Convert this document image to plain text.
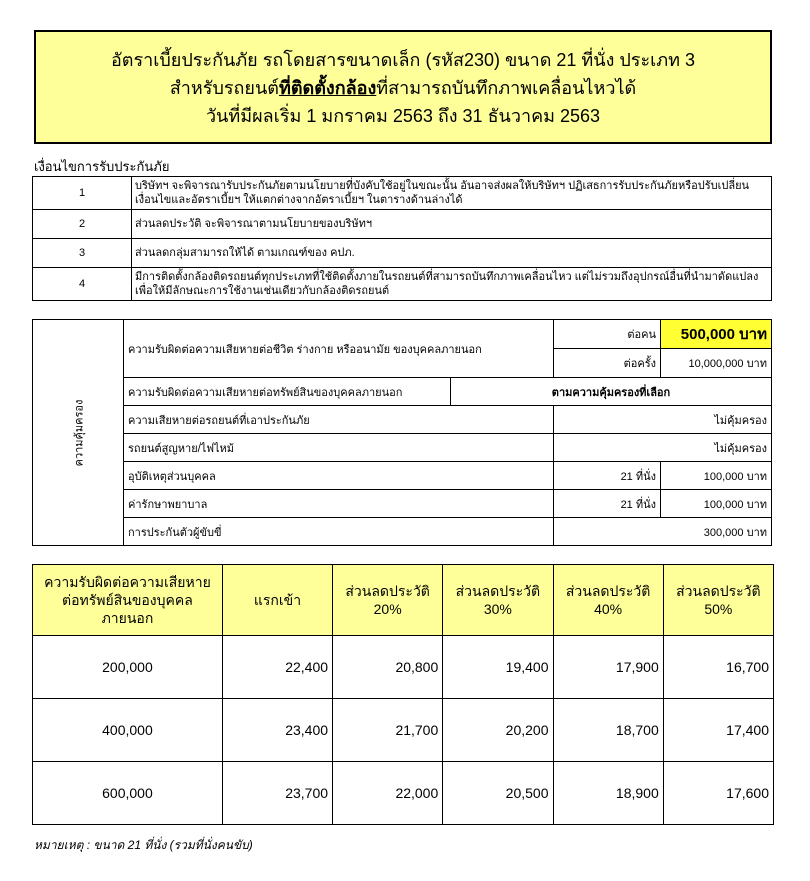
อัตราเบี้ยประกันภัย รถโดยสารขนาดเล็ก (รหัส230) ขนาด 21 ที่นั่ง ประเภท 3
สำหรับรถยนต์ที่ติดตั้งกล้องที่สามารถบันทึกภาพเคลื่อนไหวได้
วันที่มีผลเริ่ม 1 มกราคม 2563 ถึง 31 ธันวาคม 2563
เงื่อนไขการรับประกันภัย
1	บริษัทฯ จะพิจารณารับประกันภัยตามนโยบายที่บังคับใช้อยู่ในขณะนั้น อันอาจส่งผลให้บริษัทฯ ปฏิเสธการรับประกันภัยหรือปรับเปลี่ยนเงื่อนไขและอัตราเบี้ยฯ ให้แตกต่างจากอัตราเบี้ยฯ ในตารางด้านล่างได้
2	ส่วนลดประวัติ จะพิจารณาตามนโยบายของบริษัทฯ
3	ส่วนลดกลุ่มสามารถให้ได้ ตามเกณฑ์ของ คปภ.
4	มีการติดตั้งกล้องติดรถยนต์ทุกประเภทที่ใช้ติดตั้งภายในรถยนต์ที่สามารถบันทึกภาพเคลื่อนไหว แต่ไม่รวมถึงอุปกรณ์อื่นที่นำมาดัดแปลงเพื่อให้มีลักษณะการใช้งานเช่นเดียวกับกล้องติดรถยนต์
ความคุ้มครอง	ความรับผิดต่อความเสียหายต่อชีวิต ร่างกาย หรืออนามัย ของบุคคลภายนอก		ต่อคน	500,000 บาท
			ต่อครั้ง	10,000,000 บาท
	ความรับผิดต่อความเสียหายต่อทรัพย์สินของบุคคลภายนอก	ตามความคุ้มครองที่เลือก		
	ความเสียหายต่อรถยนต์ที่เอาประกันภัย		ไม่คุ้มครอง	
	รถยนต์สูญหาย/ไฟไหม้		ไม่คุ้มครอง	
	อุบัติเหตุส่วนบุคคล		21 ที่นั่ง	100,000 บาท
	ค่ารักษาพยาบาล		21 ที่นั่ง	100,000 บาท
	การประกันตัวผู้ขับขี่		300,000 บาท	
ความรับผิดต่อความเสียหายต่อทรัพย์สินของบุคคลภายนอก	แรกเข้า	ส่วนลดประวัติ 20%	ส่วนลดประวัติ 30%	ส่วนลดประวัติ 40%	ส่วนลดประวัติ 50%
200,000	22,400	20,800	19,400	17,900	16,700
400,000	23,400	21,700	20,200	18,700	17,400
600,000	23,700	22,000	20,500	18,900	17,600
หมายเหตุ : ขนาด 21 ที่นั่ง (รวมที่นั่งคนขับ)
